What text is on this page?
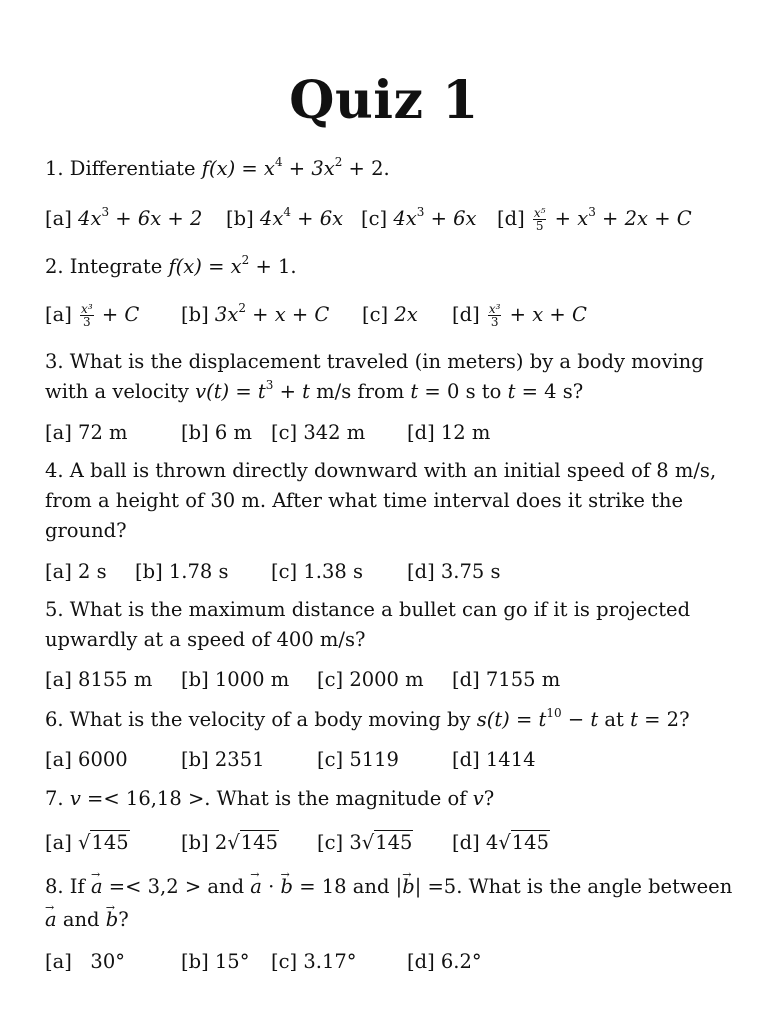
Quiz 1
1. Differentiate $f(x) = x^4 + 3x^2 + 2$.
[a] $4x^3 + 6x + 2$ [b] $4x^4 + 6x$ [c] $4x^3 + 6x$ $[d] \frac{\text{x⁵}}{5} + x^3 + 2x + C$
2. Integrate $f(x) = x^2 + 1$.
$[a] \frac{\text{x³}}{3} + C$ [b] $3x^2 + x + C$ [c] 2x $[d] \frac{\text{x³}}{3} + x + C$
3. What is the displacement traveled (in meters) by a body moving
with a velocity $v(t) = t^3 + t$ m/s from t = 0 s to t = 4 s?
[a] 72 m	[b] 6 m [c] 342 m [d] 12 m
4. A ball is thrown directly downward with an initial speed of 8 m/s,
from a height of 30 m. After what time interval does it strike the
ground?
[a] 2 s [b] 1.78 s [c] 1.38 s [d] 3.75 s
5. What is the maximum distance a bullet can go if it is projected
upwardly at a speed of 400 m/s?
[a] 8155 m [b] 1000 m [c] 2000 m [d] 7155 m
6. What is the velocity of a body moving by $s(t) = t^{10} - t$ at t = 2?
[a] 6000	[b] 2351	[c] 5119	[d] 1414
7. v =< 16,18 >. What is the magnitude of v?
[a] √145	[b] 2√145 [c] 3√145 [d] 4√145
8. If → a =< 3,2 > and → a · → b = 18 and |→ b| =5. What is the angle between
→ a and → b?
[a]   30°	[b] 15° [c] 3.17°	[d] 6.2°
